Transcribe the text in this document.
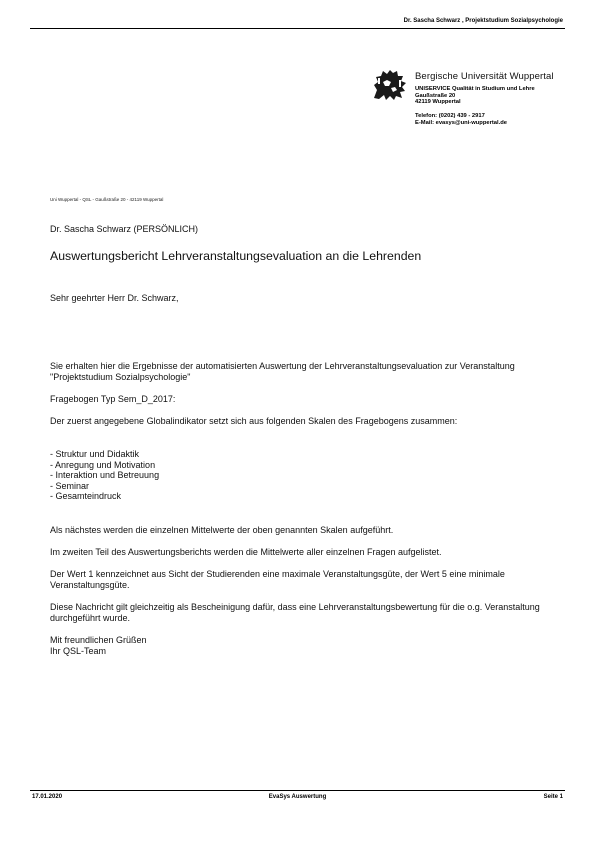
Dr. Sascha Schwarz , Projektstudium Sozialpsychologie
Bergische Universität Wuppertal
UNISERVICE Qualität in Studium und Lehre
Gaußstraße 20
42119 Wuppertal
Telefon: (0202) 439 - 2917
E-Mail: evasys@uni-wuppertal.de
Uni Wuppertal - QSL - Gaußstraße 20 - 42119 Wuppertal
Dr. Sascha Schwarz (PERSÖNLICH)
Auswertungsbericht Lehrveranstaltungsevaluation an die Lehrenden
Sehr geehrter Herr Dr. Schwarz,
Sie erhalten hier die Ergebnisse der automatisierten Auswertung der Lehrveranstaltungsevaluation zur Veranstaltung "Projektstudium Sozialpsychologie"
Fragebogen Typ Sem_D_2017:
Der zuerst angegebene Globalindikator setzt sich aus folgenden Skalen des Fragebogens zusammen:
- Struktur und Didaktik
- Anregung und Motivation
- Interaktion und Betreuung
- Seminar
- Gesamteindruck
Als nächstes werden die einzelnen Mittelwerte der oben genannten Skalen aufgeführt.
Im zweiten Teil des Auswertungsberichts werden die Mittelwerte aller einzelnen Fragen aufgelistet.
Der Wert 1 kennzeichnet aus Sicht der Studierenden eine maximale Veranstaltungsgüte, der Wert 5 eine minimale Veranstaltungsgüte.
Diese Nachricht gilt gleichzeitig als Bescheinigung dafür, dass eine Lehrveranstaltungsbewertung für die o.g. Veranstaltung durchgeführt wurde.
Mit freundlichen Grüßen
Ihr QSL-Team
17.01.2020	EvaSys Auswertung	Seite 1
